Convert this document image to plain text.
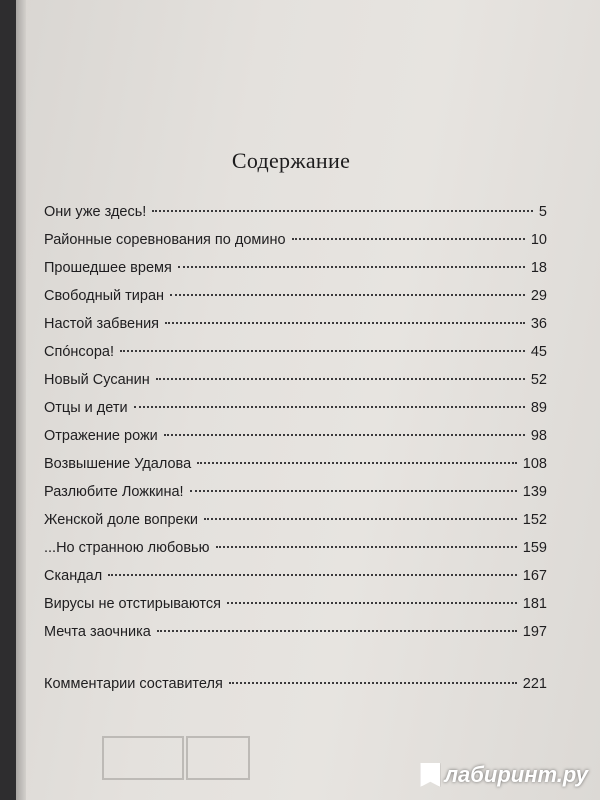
Содержание
Они уже здесь!	5
Районные соревнования по домино	10
Прошедшее время	18
Свободный тиран	29
Настой забвения	36
Спóнсора!	45
Новый Сусанин	52
Отцы и дети	89
Отражение рожи	98
Возвышение Удалова	108
Разлюбите Ложкина!	139
Женской доле вопреки	152
...Но странною любовью	159
Скандал	167
Вирусы не отстирываются	181
Мечта заочника	197
Комментарии составителя	221
лабиринт.ру
